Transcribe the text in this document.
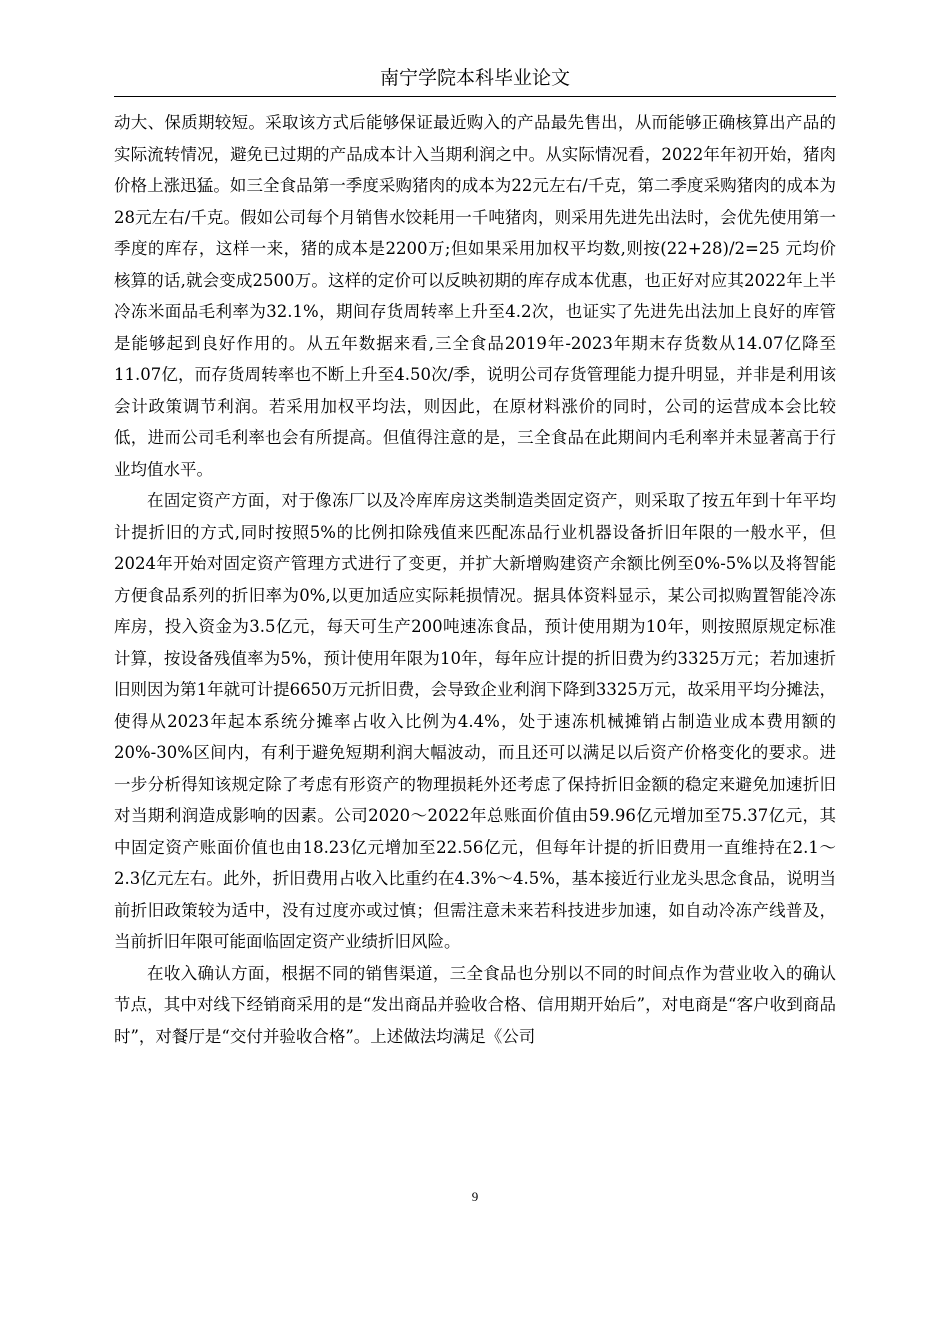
南宁学院本科毕业论文

动大、保质期较短。采取该方式后能够保证最近购入的产品最先售出，从而能够正确核算出产品的实际流转情况，避免已过期的产品成本计入当期利润之中。从实际情况看，2022年年初开始，猪肉价格上涨迅猛。如三全食品第一季度采购猪肉的成本为22元左右/千克，第二季度采购猪肉的成本为28元左右/千克。假如公司每个月销售水饺耗用一千吨猪肉，则采用先进先出法时，会优先使用第一季度的库存，这样一来，猪的成本是2200万;但如果采用加权平均数,则按(22+28)/2=25 元均价核算的话,就会变成2500万。这样的定价可以反映初期的库存成本优惠，也正好对应其2022年上半冷冻米面品毛利率为32.1%，期间存货周转率上升至4.2次，也证实了先进先出法加上良好的库管是能够起到良好作用的。从五年数据来看,三全食品2019年-2023年期末存货数从14.07亿降至11.07亿，而存货周转率也不断上升至4.50次/季，说明公司存货管理能力提升明显，并非是利用该会计政策调节利润。若采用加权平均法，则因此，在原材料涨价的同时，公司的运营成本会比较低，进而公司毛利率也会有所提高。但值得注意的是，三全食品在此期间内毛利率并未显著高于行业均值水平。

在固定资产方面，对于像冻厂以及冷库库房这类制造类固定资产，则采取了按五年到十年平均计提折旧的方式,同时按照5%的比例扣除残值来匹配冻品行业机器设备折旧年限的一般水平，但2024年开始对固定资产管理方式进行了变更，并扩大新增购建资产余额比例至0%-5%以及将智能方便食品系列的折旧率为0%,以更加适应实际耗损情况。据具体资料显示，某公司拟购置智能冷冻库房，投入资金为3.5亿元，每天可生产200吨速冻食品，预计使用期为10年，则按照原规定标准计算，按设备残值率为5%，预计使用年限为10年，每年应计提的折旧费为约3325万元；若加速折旧则因为第1年就可计提6650万元折旧费，会导致企业利润下降到3325万元，故采用平均分摊法，使得从2023年起本系统分摊率占收入比例为4.4%，处于速冻机械摊销占制造业成本费用额的20%-30%区间内，有利于避免短期利润大幅波动，而且还可以满足以后资产价格变化的要求。进一步分析得知该规定除了考虑有形资产的物理损耗外还考虑了保持折旧金额的稳定来避免加速折旧对当期利润造成影响的因素。公司2020～2022年总账面价值由59.96亿元增加至75.37亿元，其中固定资产账面价值也由18.23亿元增加至22.56亿元，但每年计提的折旧费用一直维持在2.1～2.3亿元左右。此外，折旧费用占收入比重约在4.3%～4.5%，基本接近行业龙头思念食品，说明当前折旧政策较为适中，没有过度亦或过慎；但需注意未来若科技进步加速，如自动冷冻产线普及，当前折旧年限可能面临固定资产业绩折旧风险。

在收入确认方面，根据不同的销售渠道，三全食品也分别以不同的时间点作为营业收入的确认节点，其中对线下经销商采用的是“发出商品并验收合格、信用期开始后”，对电商是“客户收到商品时”，对餐厅是“交付并验收合格”。上述做法均满足《公司

9
